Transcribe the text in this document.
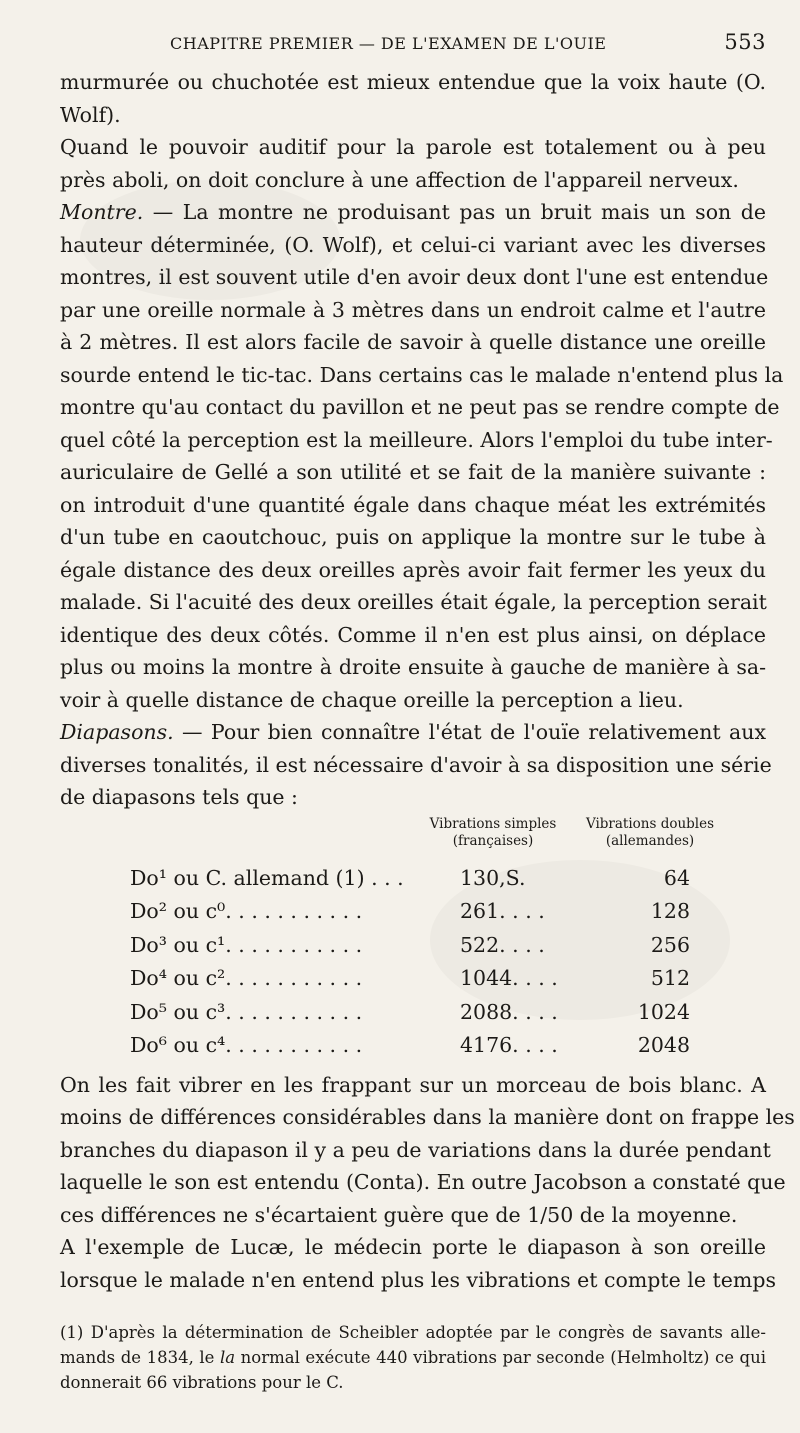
CHAPITRE PREMIER — DE L'EXAMEN DE L'OUIE	553
murmurée ou chuchotée est mieux entendue que la voix haute (O.
Wolf).
Quand le pouvoir auditif pour la parole est totalement ou à peu
près aboli, on doit conclure à une affection de l'appareil nerveux.
Montre. — La montre ne produisant pas un bruit mais un son de
hauteur déterminée, (O. Wolf), et celui-ci variant avec les diverses
montres, il est souvent utile d'en avoir deux dont l'une est entendue
par une oreille normale à 3 mètres dans un endroit calme et l'autre
à 2 mètres. Il est alors facile de savoir à quelle distance une oreille
sourde entend le tic-tac. Dans certains cas le malade n'entend plus la
montre qu'au contact du pavillon et ne peut pas se rendre compte de
quel côté la perception est la meilleure. Alors l'emploi du tube inter-
auriculaire de Gellé a son utilité et se fait de la manière suivante :
on introduit d'une quantité égale dans chaque méat les extrémités
d'un tube en caoutchouc, puis on applique la montre sur le tube à
égale distance des deux oreilles après avoir fait fermer les yeux du
malade. Si l'acuité des deux oreilles était égale, la perception serait
identique des deux côtés. Comme il n'en est plus ainsi, on déplace
plus ou moins la montre à droite ensuite à gauche de manière à sa-
voir à quelle distance de chaque oreille la perception a lieu.
Diapasons. — Pour bien connaître l'état de l'ouïe relativement aux
diverses tonalités, il est nécessaire d'avoir à sa disposition une série
de diapasons tels que :
Vibrations simples
(françaises)
Vibrations doubles
(allemandes)
Do¹ ou C. allemand (1) . . .	130,S.	64
Do² ou c⁰. . . . . . . . . . .	261. . . .	128
Do³ ou c¹. . . . . . . . . . .	522. . . .	256
Do⁴ ou c². . . . . . . . . . .	1044. . . .	512
Do⁵ ou c³. . . . . . . . . . .	2088. . . .	1024
Do⁶ ou c⁴. . . . . . . . . . .	4176. . . .	2048
On les fait vibrer en les frappant sur un morceau de bois blanc. A
moins de différences considérables dans la manière dont on frappe les
branches du diapason il y a peu de variations dans la durée pendant
laquelle le son est entendu (Conta). En outre Jacobson a constaté que
ces différences ne s'écartaient guère que de 1/50 de la moyenne.
A l'exemple de Lucæ, le médecin porte le diapason à son oreille
lorsque le malade n'en entend plus les vibrations et compte le temps
(1) D'après la détermination de Scheibler adoptée par le congrès de savants alle-mands de 1834, le la normal exécute 440 vibrations par seconde (Helmholtz) ce qui donnerait 66 vibrations pour le C.
